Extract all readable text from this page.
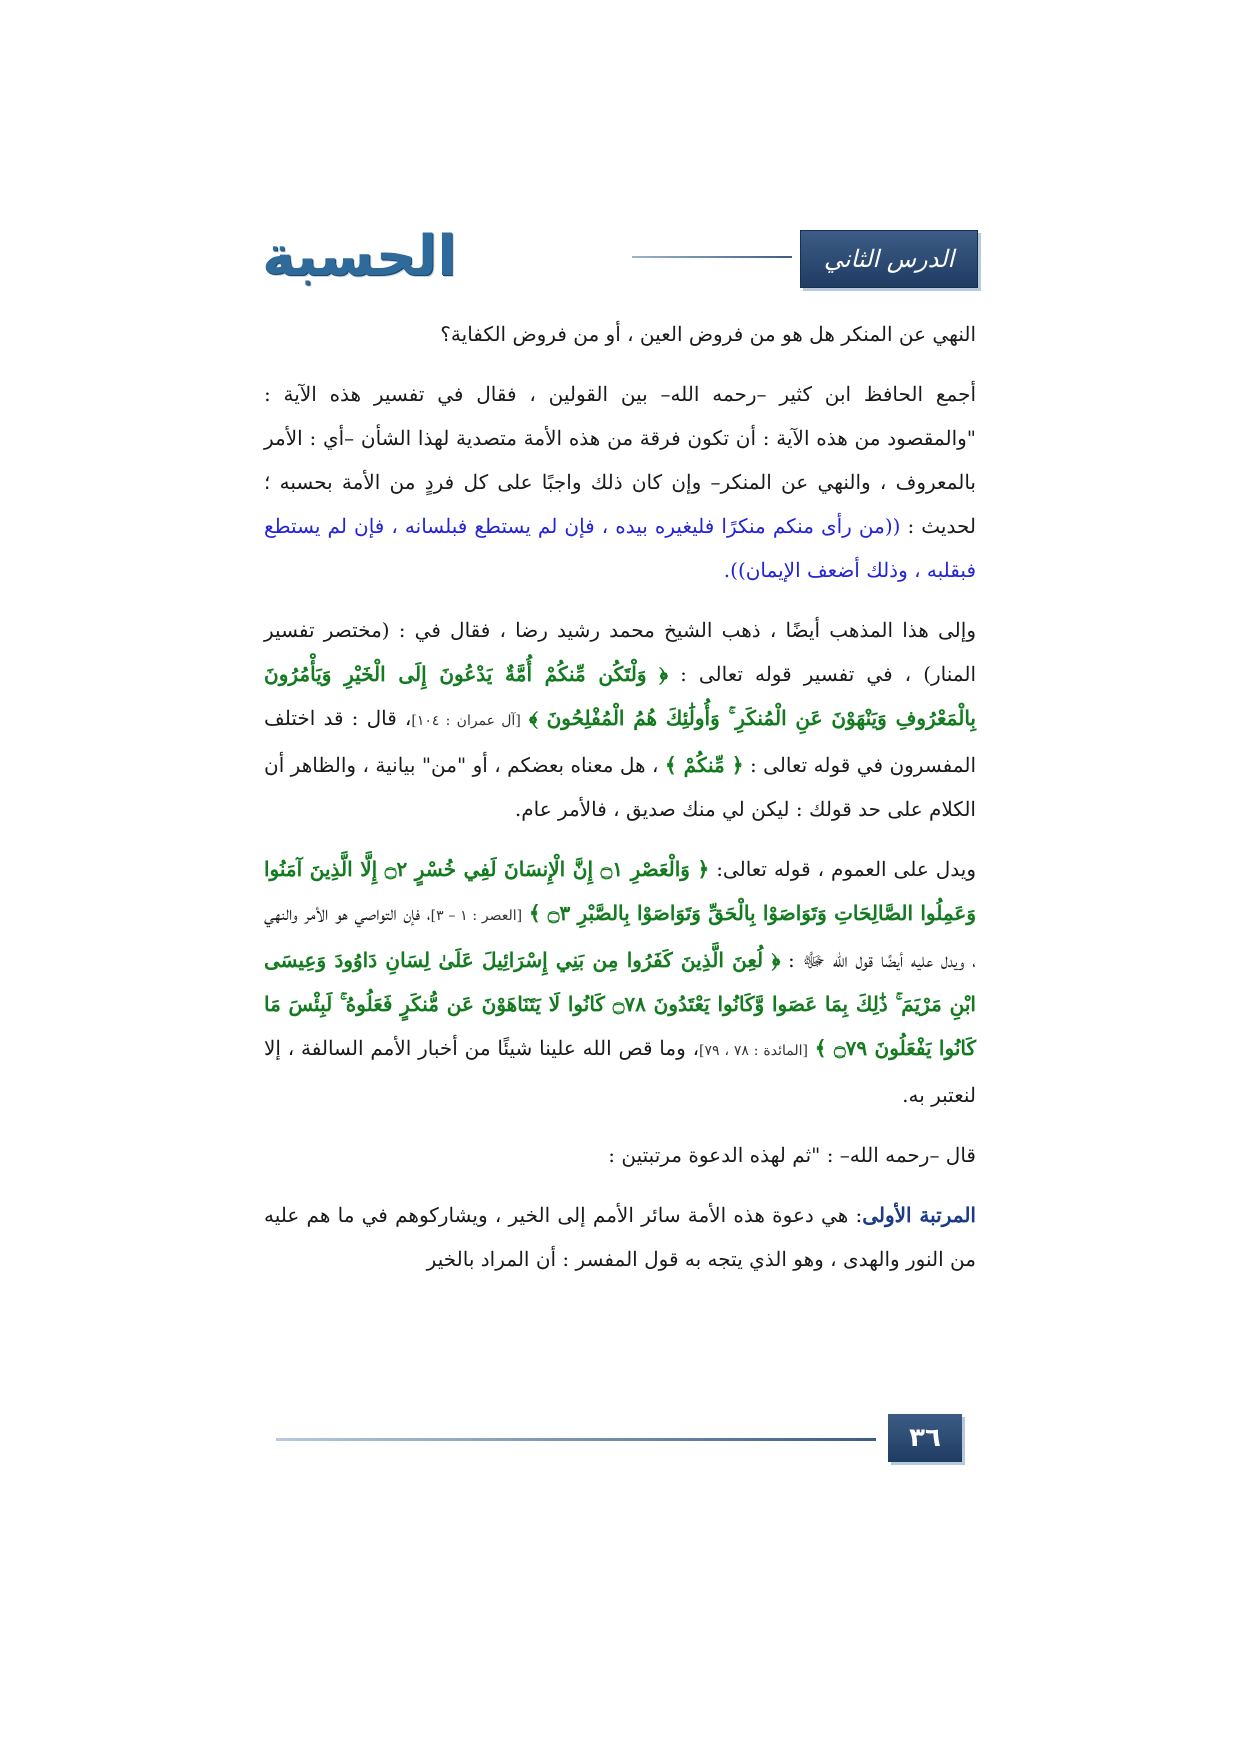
الدرس الثاني
الحسبة

النهي عن المنكر هل هو من فروض العين ، أو من فروض الكفاية؟

أجمع الحافظ ابن كثير –رحمه الله– بين القولين ، فقال في تفسير هذه الآية : "والمقصود من هذه الآية : أن تكون فرقة من هذه الأمة متصدية لهذا الشأن –أي : الأمر بالمعروف ، والنهي عن المنكر– وإن كان ذلك واجبًا على كل فردٍ من الأمة بحسبه ؛ لحديث : ((من رأى منكم منكرًا فليغيره بيده ، فإن لم يستطع فبلسانه ، فإن لم يستطع فبقلبه ، وذلك أضعف الإيمان)).

وإلى هذا المذهب أيضًا ، ذهب الشيخ محمد رشيد رضا ، فقال في : (مختصر تفسير المنار) ، في تفسير قوله تعالى : ﴿ وَلْتَكُن مِّنكُمْ أُمَّةٌ يَدْعُونَ إِلَى الْخَيْرِ وَيَأْمُرُونَ بِالْمَعْرُوفِ وَيَنْهَوْنَ عَنِ الْمُنكَرِ ۚ وَأُولَٰئِكَ هُمُ الْمُفْلِحُونَ ﴾ [آل عمران : ١٠٤]، قال : قد اختلف المفسرون في قوله تعالى : ﴿ مِّنكُمْ ﴾ ، هل معناه بعضكم ، أو "من" بيانية ، والظاهر أن الكلام على حد قولك : ليكن لي منك صديق ، فالأمر عام.

ويدل على العموم ، قوله تعالى: ﴿ وَالْعَصْرِ ۝١ إِنَّ الْإِنسَانَ لَفِي خُسْرٍ ۝٢ إِلَّا الَّذِينَ آمَنُوا وَعَمِلُوا الصَّالِحَاتِ وَتَوَاصَوْا بِالْحَقِّ وَتَوَاصَوْا بِالصَّبْرِ ۝٣ ﴾ [العصر : ١ – ٣]، فإن التواصي هو الأمر والنهي ، ويدل عليه أيضًا قول الله ﷻ : ﴿ لُعِنَ الَّذِينَ كَفَرُوا مِن بَنِي إِسْرَائِيلَ عَلَىٰ لِسَانِ دَاوُودَ وَعِيسَى ابْنِ مَرْيَمَ ۚ ذَٰلِكَ بِمَا عَصَوا وَّكَانُوا يَعْتَدُونَ ۝٧٨ كَانُوا لَا يَتَنَاهَوْنَ عَن مُّنكَرٍ فَعَلُوهُ ۚ لَبِئْسَ مَا كَانُوا يَفْعَلُونَ ۝٧٩ ﴾ [المائدة : ٧٨ ، ٧٩]، وما قص الله علينا شيئًا من أخبار الأمم السالفة ، إلا لنعتبر به.

قال –رحمه الله– : "ثم لهذه الدعوة مرتبتين :

المرتبة الأولى: هي دعوة هذه الأمة سائر الأمم إلى الخير ، ويشاركوهم في ما هم عليه من النور والهدى ، وهو الذي يتجه به قول المفسر : أن المراد بالخير

٣٦
